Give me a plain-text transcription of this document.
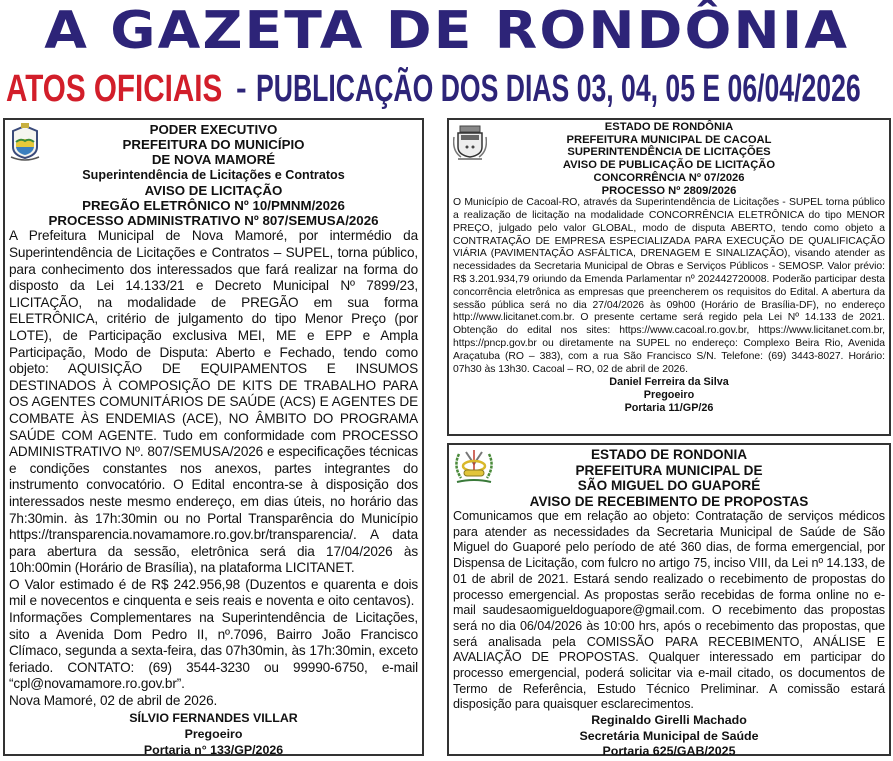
A GAZETA DE RONDÔNIA
ATOS OFICIAIS - PUBLICAÇÃO DOS DIAS 03, 04, 05 E 06/04/2026
PODER EXECUTIVO
PREFEITURA DO MUNICÍPIO
DE NOVA MAMORÉ
Superintendência de Licitações e Contratos
AVISO DE LICITAÇÃO
PREGÃO ELETRÔNICO Nº 10/PMNM/2026
PROCESSO ADMINISTRATIVO Nº 807/SEMUSA/2026

A Prefeitura Municipal de Nova Mamoré, por intermédio da Superintendência de Licitações e Contratos – SUPEL, torna público, para conhecimento dos interessados que fará realizar na forma do disposto da Lei 14.133/21 e Decreto Municipal Nº 7899/23, LICITAÇÃO, na modalidade de PREGÃO em sua forma ELETRÔNICA, critério de julgamento do tipo Menor Preço (por LOTE), de Participação exclusiva MEI, ME e EPP e Ampla Participação, Modo de Disputa: Aberto e Fechado, tendo como objeto: AQUISIÇÃO DE EQUIPAMENTOS E INSUMOS DESTINADOS À COMPOSIÇÃO DE KITS DE TRABALHO PARA OS AGENTES COMUNITÁRIOS DE SAÚDE (ACS) E AGENTES DE COMBATE ÀS ENDEMIAS (ACE), NO ÂMBITO DO PROGRAMA SAÚDE COM AGENTE. Tudo em conformidade com PROCESSO ADMINISTRATIVO Nº. 807/SEMUSA/2026 e especificações técnicas e condições constantes nos anexos, partes integrantes do instrumento convocatório. O Edital encontra-se à disposição dos interessados neste mesmo endereço, em dias úteis, no horário das 7h:30min. às 17h:30min ou no Portal Transparência do Município https://transparencia.novamamore.ro.gov.br/transparencia/. A data para abertura da sessão, eletrônica será dia 17/04/2026 às 10h:00min (Horário de Brasília), na plataforma LICITANET.

O Valor estimado é de R$ 242.956,98 (Duzentos e quarenta e dois mil e novecentos e cinquenta e seis reais e noventa e oito centavos).

Informações Complementares na Superintendência de Licitações, sito a Avenida Dom Pedro II, nº.7096, Bairro João Francisco Clímaco, segunda a sexta-feira, das 07h30min, às 17h:30min, exceto feriado. CONTATO: (69) 3544-3230 ou 99990-6750, e-mail “cpl@novamamore.ro.gov.br”.

Nova Mamoré, 02 de abril de 2026.

SÍLVIO FERNANDES VILLAR
Pregoeiro
Portaria n° 133/GP/2026
ESTADO DE RONDÔNIA
PREFEITURA MUNICIPAL DE CACOAL
SUPERINTENDÊNCIA DE LICITAÇÕES
AVISO DE PUBLICAÇÃO DE LICITAÇÃO
CONCORRÊNCIA Nº 07/2026
PROCESSO Nº 2809/2026

O Município de Cacoal-RO, através da Superintendência de Licitações - SUPEL torna público a realização de licitação na modalidade CONCORRÊNCIA ELETRÔNICA do tipo MENOR PREÇO, julgado pelo valor GLOBAL, modo de disputa ABERTO, tendo como objeto a CONTRATAÇÃO DE EMPRESA ESPECIALIZADA PARA EXECUÇÃO DE QUALIFICAÇÃO VIÁRIA (PAVIMENTAÇÃO ASFÁLTICA, DRENAGEM E SINALIZAÇÃO), visando atender as necessidades da Secretaria Municipal de Obras e Serviços Públicos - SEMOSP. Valor prévio: R$ 3.201.934,79 oriundo da Emenda Parlamentar nº 202442720008. Poderão participar desta concorrência eletrônica as empresas que preencherem os requisitos do Edital. A abertura da sessão pública será no dia 27/04/2026 às 09h00 (Horário de Brasília-DF), no endereço http://www.licitanet.com.br. O presente certame será regido pela Lei Nº 14.133 de 2021. Obtenção do edital nos sites: https://www.cacoal.ro.gov.br, https://www.licitanet.com.br, https://pncp.gov.br ou diretamente na SUPEL no endereço: Complexo Beira Rio, Avenida Araçatuba (RO – 383), com a rua São Francisco S/N. Telefone: (69) 3443-8027. Horário: 07h30 às 13h30. Cacoal – RO, 02 de abril de 2026.

Daniel Ferreira da Silva
Pregoeiro
Portaria 11/GP/26
ESTADO DE RONDONIA
PREFEITURA MUNICIPAL DE
SÃO MIGUEL DO GUAPORÉ
AVISO DE RECEBIMENTO DE PROPOSTAS

Comunicamos que em relação ao objeto: Contratação de serviços médicos para atender as necessidades da Secretaria Municipal de Saúde de São Miguel do Guaporé pelo período de até 360 dias, de forma emergencial, por Dispensa de Licitação, com fulcro no artigo 75, inciso VIII, da Lei nº 14.133, de 01 de abril de 2021. Estará sendo realizado o recebimento de propostas do processo emergencial. As propostas serão recebidas de forma online no e-mail saudesaomigueldoguapore@gmail.com. O recebimento das propostas será no dia 06/04/2026 às 10:00 hrs, após o recebimento das propostas, que será analisada pela COMISSÃO PARA RECEBIMENTO, ANÁLISE E AVALIAÇÃO DE PROPOSTAS. Qualquer interessado em participar do processo emergencial, poderá solicitar via e-mail citado, os documentos de Termo de Referência, Estudo Técnico Preliminar. A comissão estará disposição para quaisquer esclarecimentos.

Reginaldo Girelli Machado
Secretária Municipal de Saúde
Portaria 625/GAB/2025
